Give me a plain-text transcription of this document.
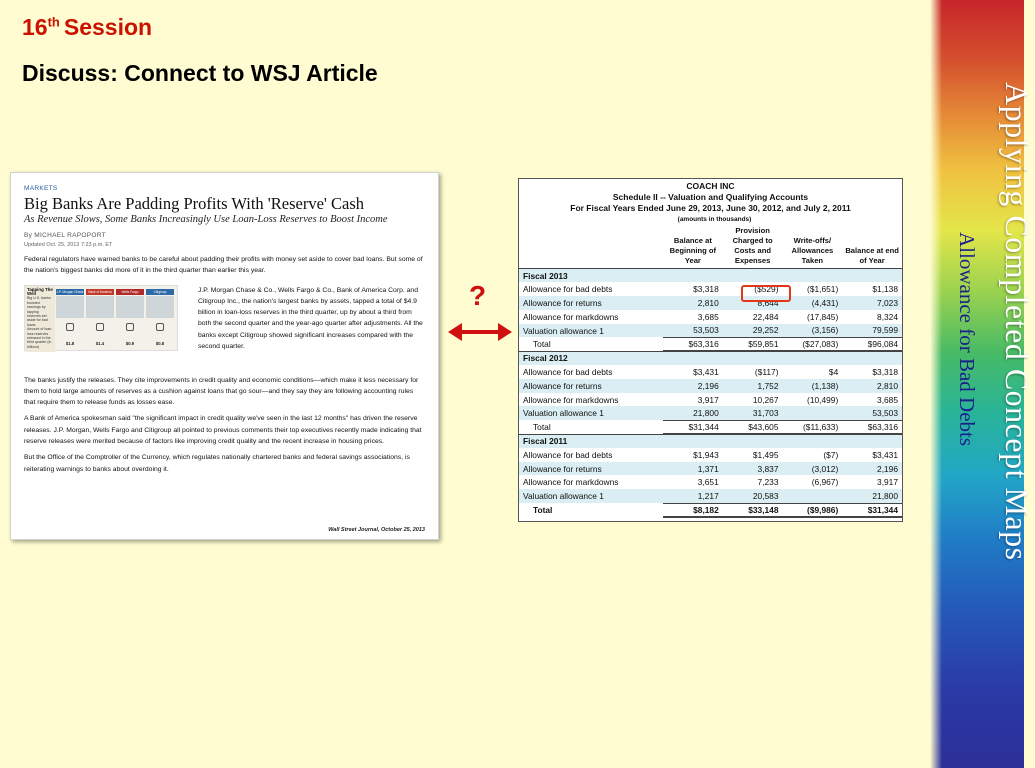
16th Session
Discuss: Connect to WSJ Article
Applying Completed Concept Maps
Allowance for Bad Debts
MARKETS
Big Banks Are Padding Profits With 'Reserve' Cash
As Revenue Slows, Some Banks Increasingly Use Loan-Loss Reserves to Boost Income
By MICHAEL RAPOPORT
Updated Oct. 25, 2013 7:23 p.m. ET
Federal regulators have warned banks to be careful about padding their profits with money set aside to cover bad loans. But some of the nation's biggest banks did more of it in the third quarter than earlier this year.
Tapping The Well
Big U.S. banks boosted earnings by tapping reserves set aside for bad loans
Amount of loan-loss reserves released in the third quarter (in billions)
J.P. Morgan Chase
$1.8
Bank of America
$1.4
Wells Fargo
$0.9
Citigroup
$0.8
J.P. Morgan Chase & Co., Wells Fargo & Co., Bank of America Corp. and Citigroup Inc., the nation's largest banks by assets, tapped a total of $4.9 billion in loan-loss reserves in the third quarter, up by about a third from both the second quarter and the year-ago quarter after adjustments. All the banks except Citigroup showed significant increases compared with the second quarter.
The banks justify the releases. They cite improvements in credit quality and economic conditions—which make it less necessary for them to hold large amounts of reserves as a cushion against loans that go sour—and they say they are following accounting rules that require them to release funds as losses ease.
A Bank of America spokesman said "the significant impact in credit quality we've seen in the last 12 months" has driven the reserve releases. J.P. Morgan, Wells Fargo and Citigroup all pointed to previous comments their top executives recently made indicating that reserve releases were merited because of factors like improving credit quality and the recent increase in housing prices.
But the Office of the Comptroller of the Currency, which regulates nationally chartered banks and federal savings associations, is reiterating warnings to banks about overdoing it.
Wall Street Journal, October 25, 2013
?
COACH INC
Schedule II -- Valuation and Qualifying Accounts
For Fiscal Years Ended June 29, 2013, June 30, 2012, and July 2, 2011
(amounts in thousands)
	Balance at Beginning of Year	Provision Charged to Costs and Expenses	Write-offs/ Allowances Taken	Balance at end of Year
Fiscal 2013				
Allowance for bad debts	$3,318	($529)	($1,651)	$1,138
Allowance for returns	2,810	8,644	(4,431)	7,023
Allowance for markdowns	3,685	22,484	(17,845)	8,324
Valuation allowance 1	53,503	29,252	(3,156)	79,599
Total	$63,316	$59,851	($27,083)	$96,084
Fiscal 2012				
Allowance for bad debts	$3,431	($117)	$4	$3,318
Allowance for returns	2,196	1,752	(1,138)	2,810
Allowance for markdowns	3,917	10,267	(10,499)	3,685
Valuation allowance 1	21,800	31,703		53,503
Total	$31,344	$43,605	($11,633)	$63,316
Fiscal 2011				
Allowance for bad debts	$1,943	$1,495	($7)	$3,431
Allowance for returns	1,371	3,837	(3,012)	2,196
Allowance for markdowns	3,651	7,233	(6,967)	3,917
Valuation allowance 1	1,217	20,583		21,800
Total	$8,182	$33,148	($9,986)	$31,344
